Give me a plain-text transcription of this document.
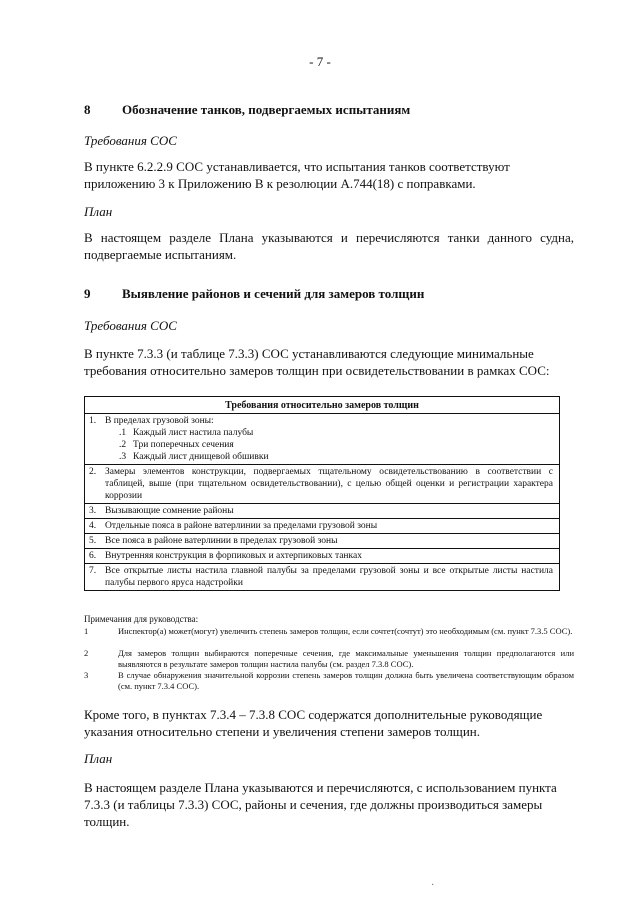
- 7 -
8 Обозначение танков, подвергаемых испытаниям
Требования СОС
В пункте 6.2.2.9 СОС устанавливается, что испытания танков соответствуют приложению 3 к Приложению В к резолюции А.744(18) с поправками.
План
В настоящем разделе Плана указываются и перечисляются танки данного судна, подвергаемые испытаниям.
9 Выявление районов и сечений для замеров толщин
Требования СОС
В пункте 7.3.3 (и таблице 7.3.3) СОС устанавливаются следующие минимальные требования относительно замеров толщин при освидетельствовании в рамках СОС:
Требования относительно замеров толщин
1. В пределах грузовой зоны:
.1 Каждый лист настила палубы
.2 Три поперечных сечения
.3 Каждый лист днищевой обшивки
2. Замеры элементов конструкции, подвергаемых тщательному освидетельствованию в соответствии с таблицей, выше (при тщательном освидетельствовании), с целью общей оценки и регистрации характера коррозии
3. Вызывающие сомнение районы
4. Отдельные пояса в районе ватерлинии за пределами грузовой зоны
5. Все пояса в районе ватерлинии в пределах грузовой зоны
6. Внутренняя конструкция в форпиковых и ахтерпиковых танках
7. Все открытые листы настила главной палубы за пределами грузовой зоны и все открытые листы настила палубы первого яруса надстройки
Примечания для руководства:
1	Инспектор(а) может(могут) увеличить степень замеров толщин, если сочтет(сочтут) это необходимым (см. пункт 7.3.5 СОС).
2	Для замеров толщин выбираются поперечные сечения, где максимальные уменьшения толщин предполагаются или выявляются в результате замеров толщин настила палубы (см. раздел 7.3.8 СОС).
3	В случае обнаружения значительной коррозии степень замеров толщин должна быть увеличена соответствующим образом (см. пункт 7.3.4 СОС).
Кроме того, в пунктах 7.3.4 – 7.3.8 СОС содержатся дополнительные руководящие указания относительно степени и увеличения степени замеров толщин.
План
В настоящем разделе Плана указываются и перечисляются, с использованием пункта 7.3.3 (и таблицы 7.3.3) СОС, районы и сечения, где должны производиться замеры толщин.
·
